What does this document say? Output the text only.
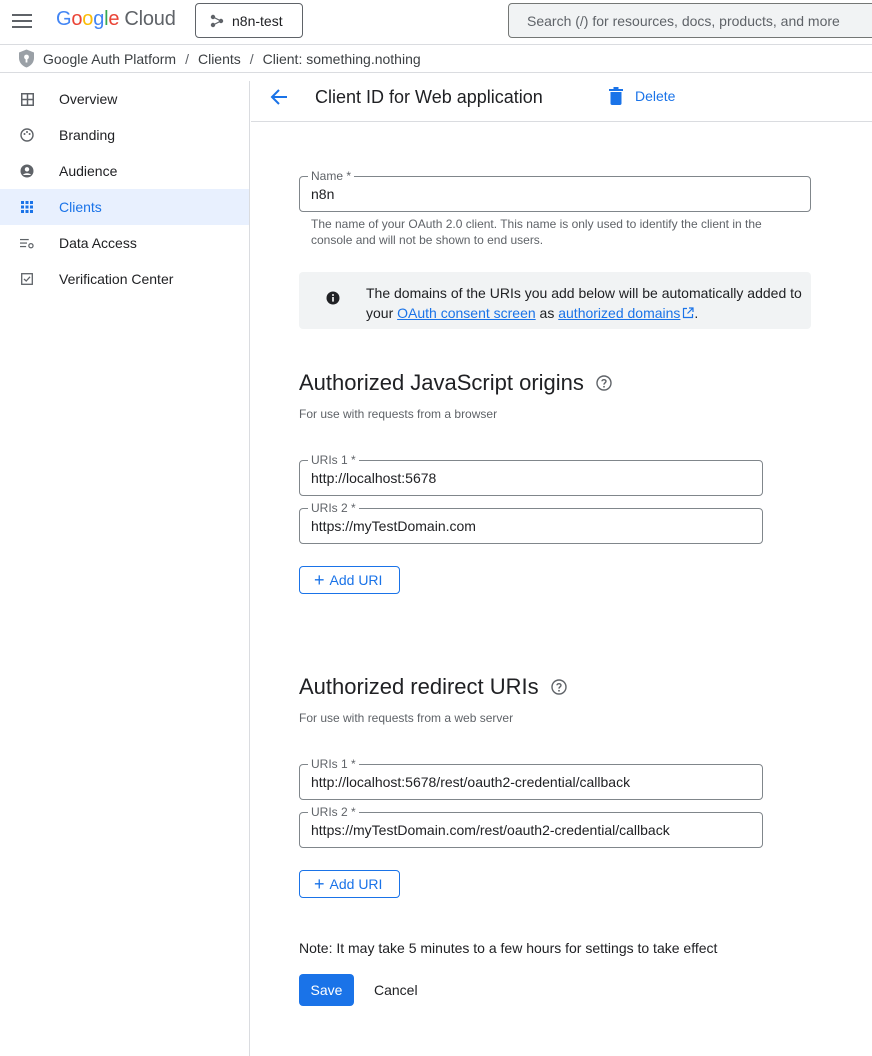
Google Cloud	n8n-test	Search (/) for resources, docs, products, and more
Google Auth Platform / Clients / Client: something.nothing
Overview
Branding
Audience
Clients
Data Access
Verification Center
Client ID for Web application	Delete
Name *
n8n
The name of your OAuth 2.0 client. This name is only used to identify the client in the console and will not be shown to end users.
The domains of the URIs you add below will be automatically added to your OAuth consent screen as authorized domains .
Authorized JavaScript origins
For use with requests from a browser
URIs 1 *
http://localhost:5678
URIs 2 *
https://myTestDomain.com
+ Add URI
Authorized redirect URIs
For use with requests from a web server
URIs 1 *
http://localhost:5678/rest/oauth2-credential/callback
URIs 2 *
https://myTestDomain.com/rest/oauth2-credential/callback
+ Add URI
Note: It may take 5 minutes to a few hours for settings to take effect
Save	Cancel
